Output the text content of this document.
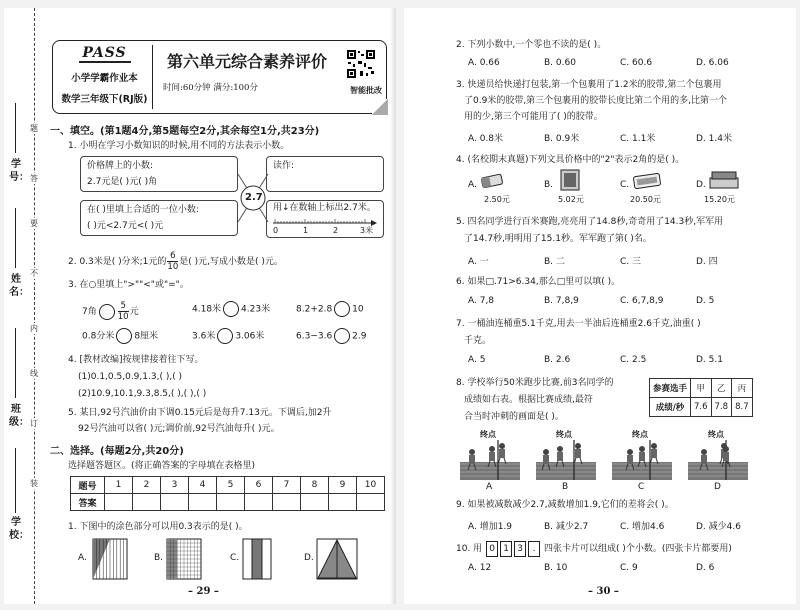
学号：
姓名：
班级：
学校：
装
订
线
内
不
要
答
题
PASS
小学学霸作业本
数学三年级下(RJ版)
第六单元综合素养评价
时间:60分钟 满分:100分	智能批改
一、填空。(第1题4分,第5题每空2分,其余每空1分,共23分)
1. 小明在学习小数知识的时候,用不同的方法表示小数。
价格牌上的小数:
2.7元是( )元( )角
读作:
在( )里填上合适的一位小数:
( )元<2.7元<( )元
用↓在数轴上标出2.7米。
0	1	2	3米
2.7
2. 0.3米是( )分米;1元的 $\frac{6}{10}$ 是( )元,写成小数是( )元。
3. 在○里填上">""<"或"="。
7角 $\frac{5}{10}$ 元	4.18米 4.23米	8.2+2.8 10
0.8分米 8厘米	3.6米 3.06米	6.3−3.6 2.9
4. [教材改编]按规律接着往下写。
(1)0.1,0.5,0.9,1.3,( ),( )
(2)10.9,10.1,9.3,8.5,( ),( ),( )
5. 某日,92号汽油价由下调0.15元后是每升7.13元。下调后,加2升
92号汽油可以省( )元;调价前,92号汽油每升( )元。
二、选择。(每题2分,共20分)
选择题答题区。(将正确答案的字母填在表格里)
题号	1	2	3	4	5	6	7	8	9	10
答案										
1. 下图中的涂色部分可以用0.3表示的是( )。
A.	B.	C.	D.
– 29 –
2. 下列小数中,一个零也不读的是( )。
A. 0.66	B. 0.60	C. 60.6	D. 6.06
3. 快递员给快递打包装,第一个包裹用了1.2米的胶带,第二个包裹用
了0.9米的胶带,第三个包裹用的胶带长度比第二个用的多,比第一个
用的少,第三个可能用了( )的胶带。
A. 0.8米	B. 0.9米	C. 1.1米	D. 1.4米
4. (名校期末真题)下列文具价格中的"2"表示2角的是( )。
A.
2.50元
B.
5.02元
C.
20.50元
D.
15.20元
5. 四名同学进行百米赛跑,亮亮用了14.8秒,奇奇用了14.3秒,军军用
了14.7秒,明明用了15.1秒。军军跑了第( )名。
A. 一	B. 二	C. 三	D. 四
6. 如果□.71>6.34,那么□里可以填( )。
A. 7,8	B. 7,8,9	C. 6,7,8,9	D. 5
7. 一桶油连桶重5.1千克,用去一半油后连桶重2.6千克,油重( )
千克。
A. 5	B. 2.6	C. 2.5	D. 5.1
8. 学校举行50米跑步比赛,前3名同学的
成绩如右表。根据比赛成绩,最符
合当时冲刺的画面是( )。
参赛选手	甲	乙	丙
成绩/秒	7.6	7.8	8.7
终点
A
终点
B
终点
C
终点
D
9. 如果被减数减少2.7,减数增加1.9,它们的差将会( )。
A. 增加1.9	B. 减少2.7	C. 增加4.6	D. 减少4.6
10. 用 0 1 3 . 四张卡片可以组成( )个小数。(四张卡片都要用)
A. 12	B. 10	C. 9	D. 6
– 30 –
